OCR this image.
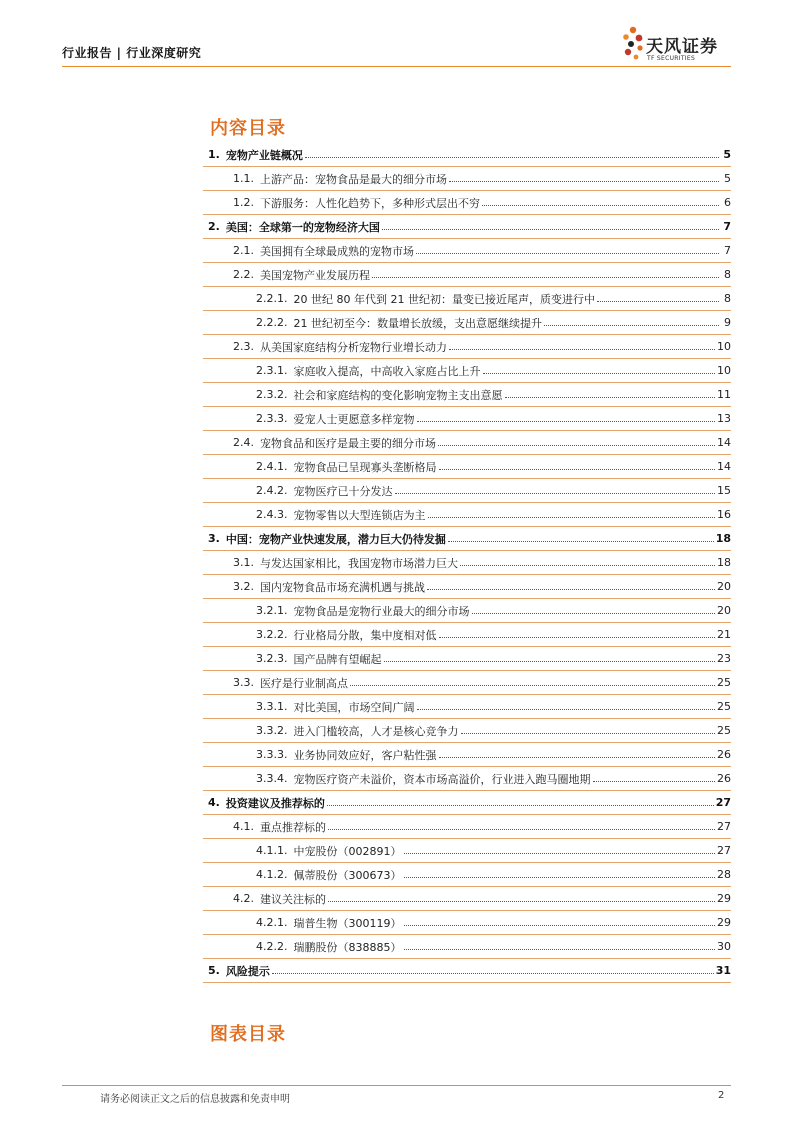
行业报告 | 行业深度研究	天风证券
TF SECURITIES
内容目录
1. 宠物产业链概况	5
1.1. 上游产品：宠物食品是最大的细分市场	5
1.2. 下游服务：人性化趋势下，多种形式层出不穷	6
2. 美国：全球第一的宠物经济大国	7
2.1. 美国拥有全球最成熟的宠物市场	7
2.2. 美国宠物产业发展历程	8
2.2.1. 20 世纪 80 年代到 21 世纪初：量变已接近尾声，质变进行中	8
2.2.2. 21 世纪初至今：数量增长放缓，支出意愿继续提升	9
2.3. 从美国家庭结构分析宠物行业增长动力	10
2.3.1. 家庭收入提高，中高收入家庭占比上升	10
2.3.2. 社会和家庭结构的变化影响宠物主支出意愿	11
2.3.3. 爱宠人士更愿意多样宠物	13
2.4. 宠物食品和医疗是最主要的细分市场	14
2.4.1. 宠物食品已呈现寡头垄断格局	14
2.4.2. 宠物医疗已十分发达	15
2.4.3. 宠物零售以大型连锁店为主	16
3. 中国：宠物产业快速发展，潜力巨大仍待发掘	18
3.1. 与发达国家相比，我国宠物市场潜力巨大	18
3.2. 国内宠物食品市场充满机遇与挑战	20
3.2.1. 宠物食品是宠物行业最大的细分市场	20
3.2.2. 行业格局分散，集中度相对低	21
3.2.3. 国产品牌有望崛起	23
3.3. 医疗是行业制高点	25
3.3.1. 对比美国，市场空间广阔	25
3.3.2. 进入门槛较高，人才是核心竞争力	25
3.3.3. 业务协同效应好，客户粘性强	26
3.3.4. 宠物医疗资产未溢价，资本市场高溢价，行业进入跑马圈地期	26
4. 投资建议及推荐标的	27
4.1. 重点推荐标的	27
4.1.1. 中宠股份（002891）	27
4.1.2. 佩蒂股份（300673）	28
4.2. 建议关注标的	29
4.2.1. 瑞普生物（300119）	29
4.2.2. 瑞鹏股份（838885）	30
5. 风险提示	31
图表目录
请务必阅读正文之后的信息披露和免责申明	2
